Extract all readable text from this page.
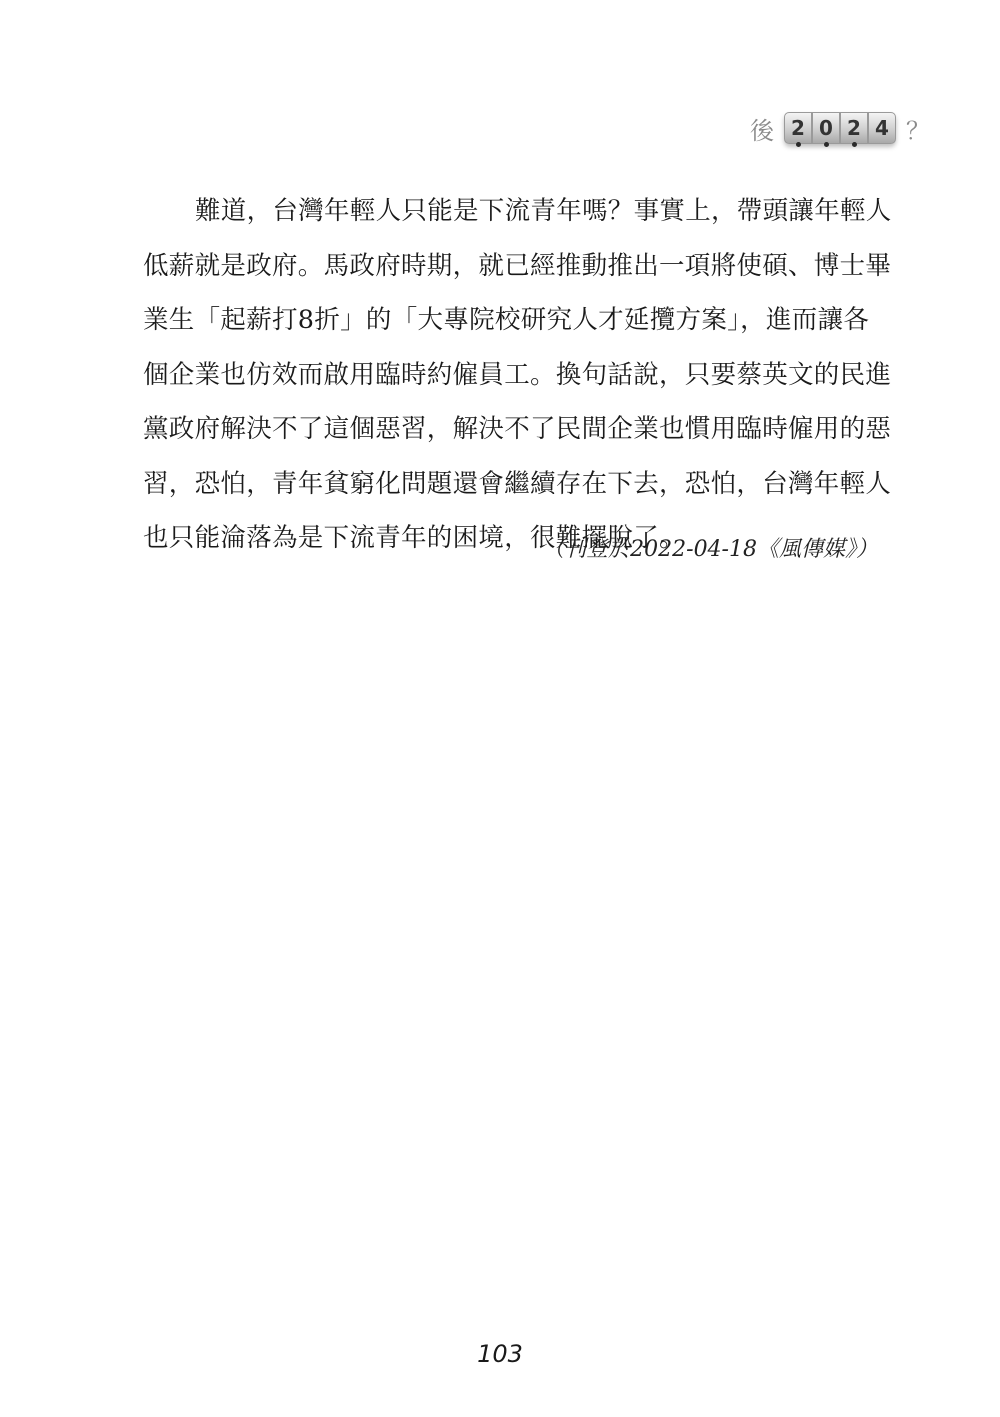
後 2 0 2 4 ？
難道，台灣年輕人只能是下流青年嗎？事實上，帶頭讓年輕人
低薪就是政府。馬政府時期，就已經推動推出一項將使碩、博士畢
業生「起薪打8折」的「大專院校研究人才延攬方案」，進而讓各
個企業也仿效而啟用臨時約僱員工。換句話說，只要蔡英文的民進
黨政府解決不了這個惡習，解決不了民間企業也慣用臨時僱用的惡
習，恐怕，青年貧窮化問題還會繼續存在下去，恐怕，台灣年輕人
也只能淪落為是下流青年的困境，很難擺脫了。
（刊登於2022-04-18《風傳媒》）
103
